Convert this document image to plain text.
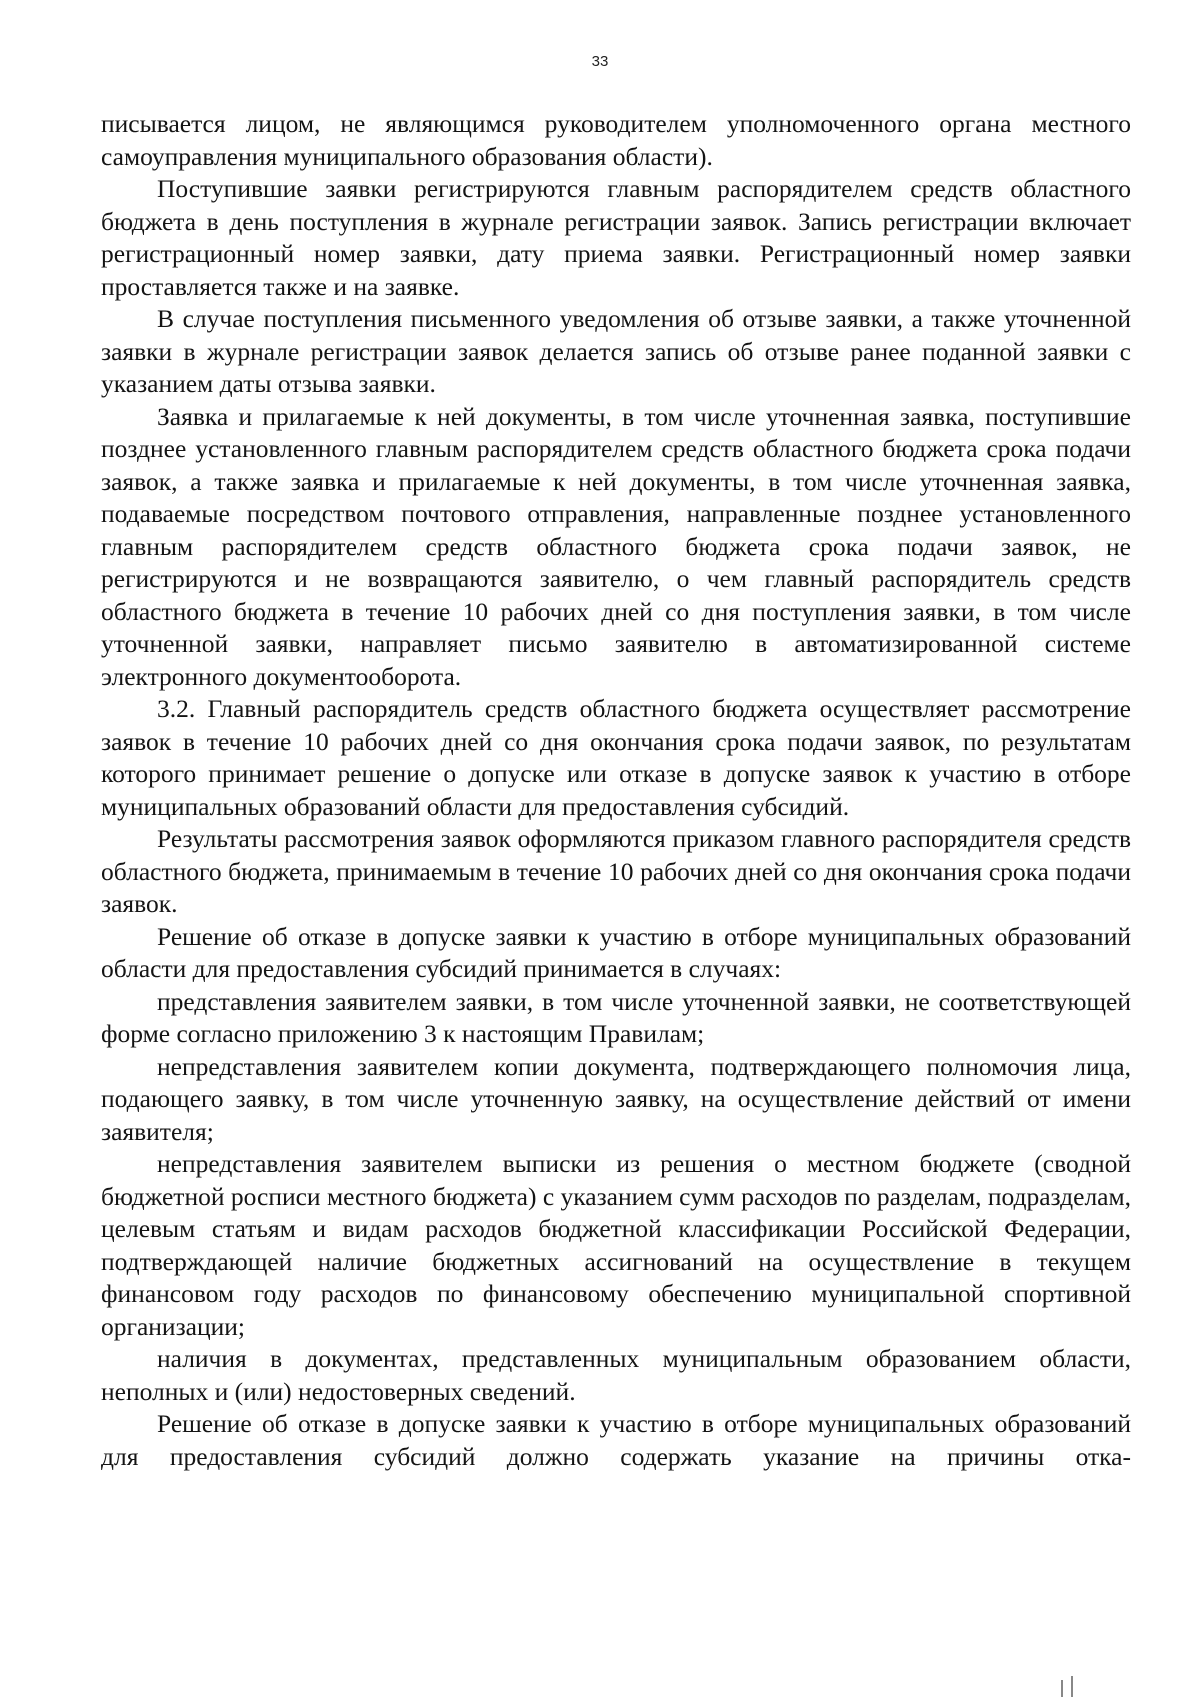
33

писывается лицом, не являющимся руководителем уполномоченного органа местного самоуправления муниципального образования области).

Поступившие заявки регистрируются главным распорядителем средств областного бюджета в день поступления в журнале регистрации заявок. Запись регистрации включает регистрационный номер заявки, дату приема заявки. Регистрационный номер заявки проставляется также и на заявке.

В случае поступления письменного уведомления об отзыве заявки, а также уточненной заявки в журнале регистрации заявок делается запись об отзыве ранее поданной заявки с указанием даты отзыва заявки.

Заявка и прилагаемые к ней документы, в том числе уточненная заявка, поступившие позднее установленного главным распорядителем средств областного бюджета срока подачи заявок, а также заявка и прилагаемые к ней документы, в том числе уточненная заявка, подаваемые посредством почтового отправления, направленные позднее установленного главным распорядителем средств областного бюджета срока подачи заявок, не регистрируются и не возвращаются заявителю, о чем главный распорядитель средств областного бюджета в течение 10 рабочих дней со дня поступления заявки, в том числе уточненной заявки, направляет письмо заявителю в автоматизированной системе электронного документооборота.

3.2. Главный распорядитель средств областного бюджета осуществляет рассмотрение заявок в течение 10 рабочих дней со дня окончания срока подачи заявок, по результатам которого принимает решение о допуске или отказе в допуске заявок к участию в отборе муниципальных образований области для предоставления субсидий.

Результаты рассмотрения заявок оформляются приказом главного распорядителя средств областного бюджета, принимаемым в течение 10 рабочих дней со дня окончания срока подачи заявок.

Решение об отказе в допуске заявки к участию в отборе муниципальных образований области для предоставления субсидий принимается в случаях:

представления заявителем заявки, в том числе уточненной заявки, не соответствующей форме согласно приложению 3 к настоящим Правилам;

непредставления заявителем копии документа, подтверждающего полномочия лица, подающего заявку, в том числе уточненную заявку, на осуществление действий от имени заявителя;

непредставления заявителем выписки из решения о местном бюджете (сводной бюджетной росписи местного бюджета) с указанием сумм расходов по разделам, подразделам, целевым статьям и видам расходов бюджетной классификации Российской Федерации, подтверждающей наличие бюджетных ассигнований на осуществление в текущем финансовом году расходов по финансовому обеспечению муниципальной спортивной организации;

наличия в документах, представленных муниципальным образованием области, неполных и (или) недостоверных сведений.

Решение об отказе в допуске заявки к участию в отборе муниципальных образований для предоставления субсидий должно содержать указание на причины отка-
